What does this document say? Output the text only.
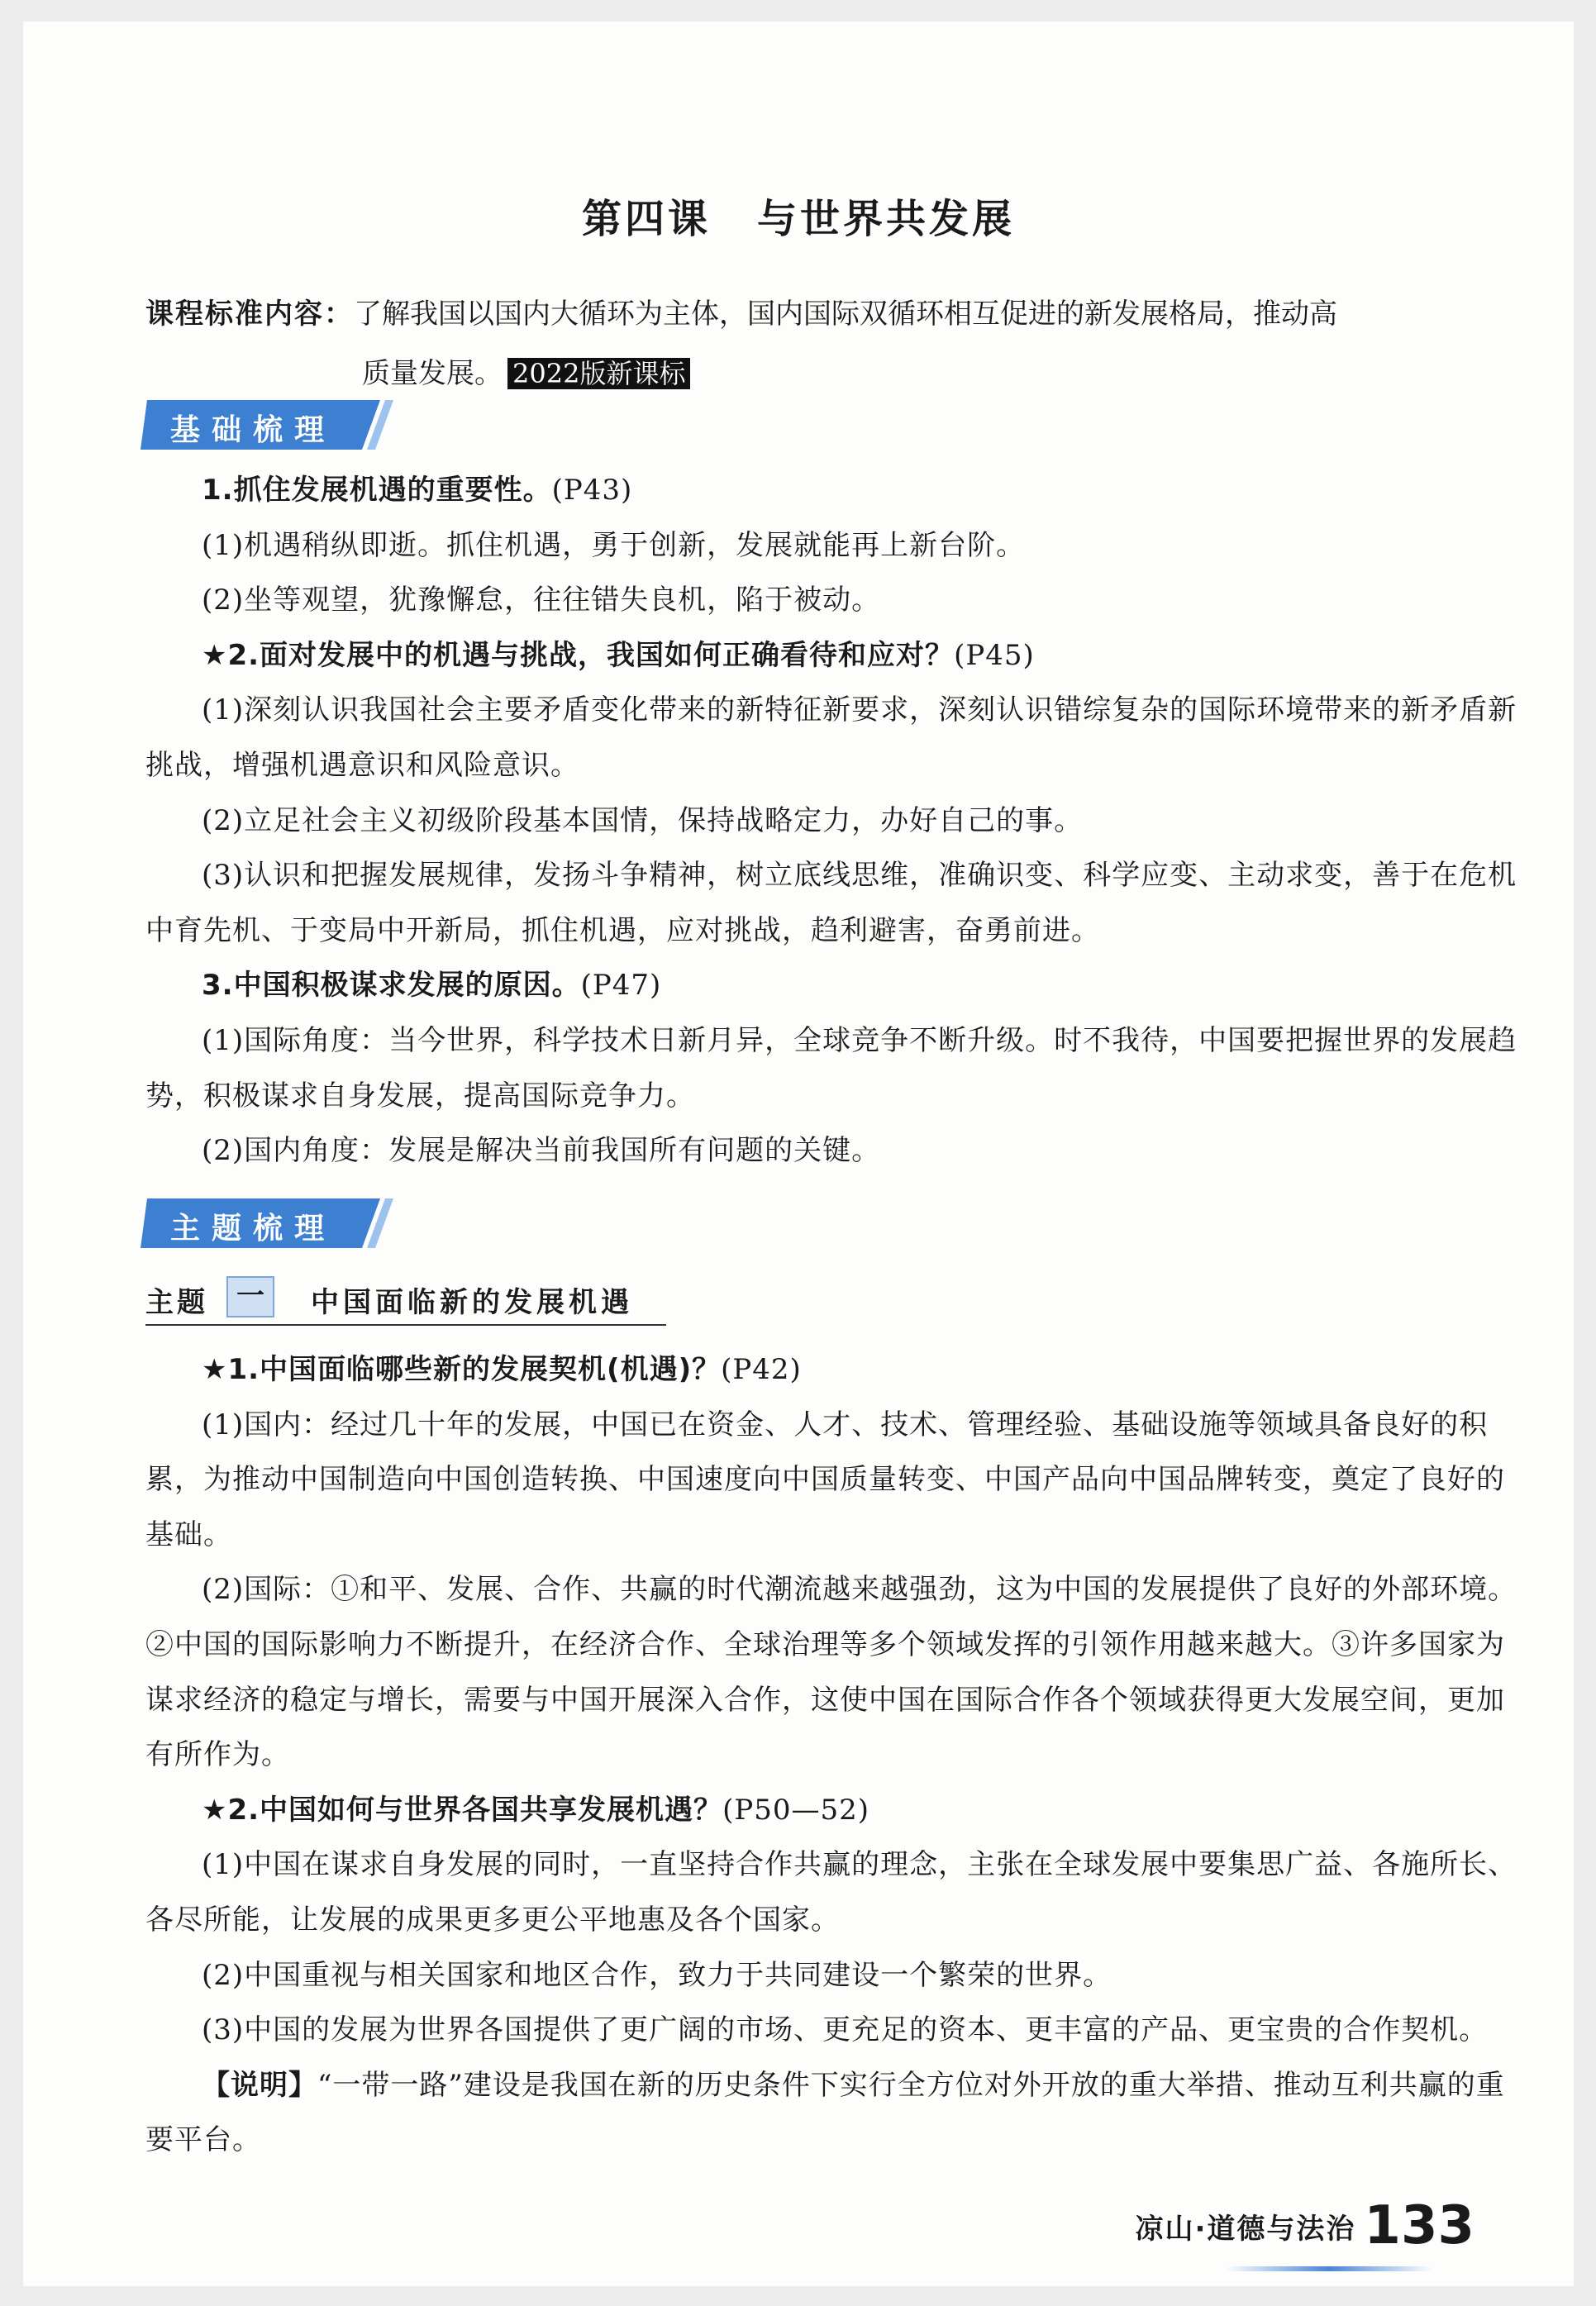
第四课 与世界共发展
课程标准内容：了解我国以国内大循环为主体，国内国际双循环相互促进的新发展格局，推动高
质量发展。 2022版新课标
基础梳理

1.抓住发展机遇的重要性。(P43)

(1)机遇稍纵即逝。抓住机遇，勇于创新，发展就能再上新台阶。

(2)坐等观望，犹豫懈怠，往往错失良机，陷于被动。

★2.面对发展中的机遇与挑战，我国如何正确看待和应对？(P45)

(1)深刻认识我国社会主要矛盾变化带来的新特征新要求，深刻认识错综复杂的国际环境带来的新矛盾新挑战，增强机遇意识和风险意识。

(2)立足社会主义初级阶段基本国情，保持战略定力，办好自己的事。

(3)认识和把握发展规律，发扬斗争精神，树立底线思维，准确识变、科学应变、主动求变，善于在危机中育先机、于变局中开新局，抓住机遇，应对挑战，趋利避害，奋勇前进。

3.中国积极谋求发展的原因。(P47)

(1)国际角度：当今世界，科学技术日新月异，全球竞争不断升级。时不我待，中国要把握世界的发展趋势，积极谋求自身发展，提高国际竞争力。

(2)国内角度：发展是解决当前我国所有问题的关键。

主题梳理
主题	一	中国面临新的发展机遇

★1.中国面临哪些新的发展契机(机遇)？(P42)

(1)国内：经过几十年的发展，中国已在资金、人才、技术、管理经验、基础设施等领域具备良好的积累，为推动中国制造向中国创造转换、中国速度向中国质量转变、中国产品向中国品牌转变，奠定了良好的基础。

(2)国际：①和平、发展、合作、共赢的时代潮流越来越强劲，这为中国的发展提供了良好的外部环境。②中国的国际影响力不断提升，在经济合作、全球治理等多个领域发挥的引领作用越来越大。③许多国家为谋求经济的稳定与增长，需要与中国开展深入合作，这使中国在国际合作各个领域获得更大发展空间，更加有所作为。

★2.中国如何与世界各国共享发展机遇？(P50—52)

(1)中国在谋求自身发展的同时，一直坚持合作共赢的理念，主张在全球发展中要集思广益、各施所长、各尽所能，让发展的成果更多更公平地惠及各个国家。

(2)中国重视与相关国家和地区合作，致力于共同建设一个繁荣的世界。

(3)中国的发展为世界各国提供了更广阔的市场、更充足的资本、更丰富的产品、更宝贵的合作契机。

【说明】“一带一路”建设是我国在新的历史条件下实行全方位对外开放的重大举措、推动互利共赢的重要平台。

凉山·道德与法治 133
